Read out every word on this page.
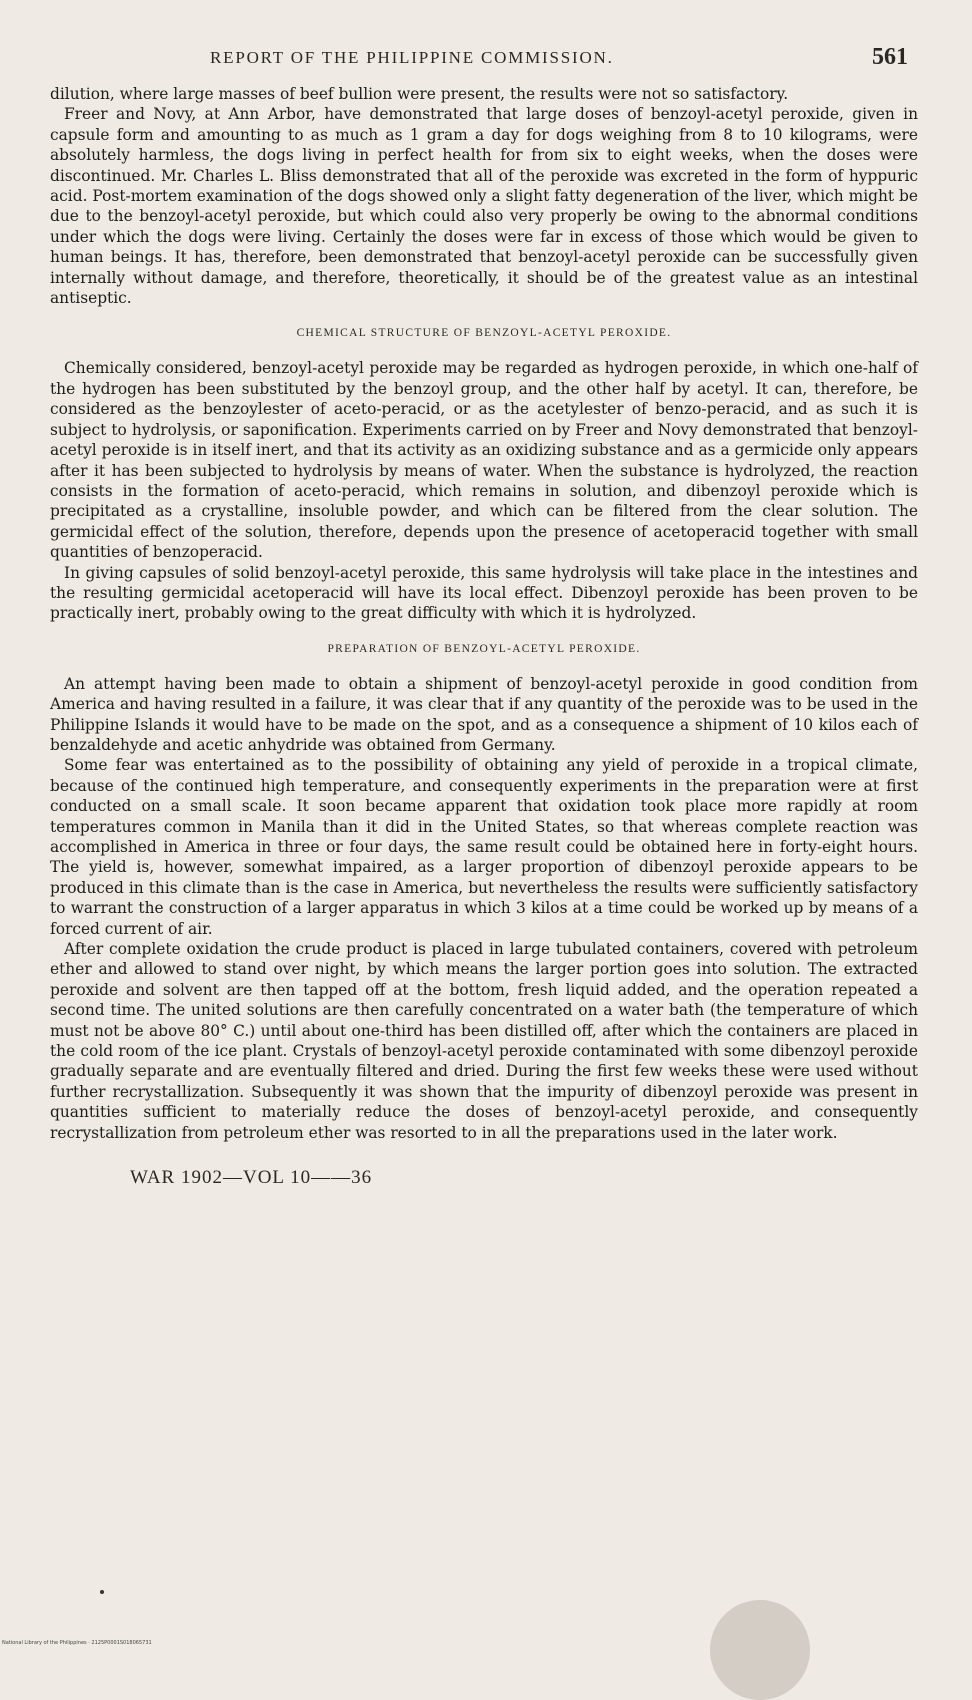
REPORT OF THE PHILIPPINE COMMISSION.	561

dilution, where large masses of beef bullion were present, the results were not so satisfactory.

Freer and Novy, at Ann Arbor, have demonstrated that large doses of benzoyl-acetyl peroxide, given in capsule form and amounting to as much as 1 gram a day for dogs weighing from 8 to 10 kilograms, were absolutely harmless, the dogs living in perfect health for from six to eight weeks, when the doses were discontinued. Mr. Charles L. Bliss demonstrated that all of the peroxide was excreted in the form of hyppuric acid. Post-mortem examination of the dogs showed only a slight fatty degeneration of the liver, which might be due to the benzoyl-acetyl peroxide, but which could also very properly be owing to the abnormal conditions under which the dogs were living. Certainly the doses were far in excess of those which would be given to human beings. It has, therefore, been demonstrated that benzoyl-acetyl peroxide can be successfully given internally without damage, and therefore, theoretically, it should be of the greatest value as an intestinal antiseptic.

CHEMICAL STRUCTURE OF BENZOYL-ACETYL PEROXIDE.

Chemically considered, benzoyl-acetyl peroxide may be regarded as hydrogen peroxide, in which one-half of the hydrogen has been substituted by the benzoyl group, and the other half by acetyl. It can, therefore, be considered as the benzoylester of aceto-peracid, or as the acetylester of benzo-peracid, and as such it is subject to hydrolysis, or saponification. Experiments carried on by Freer and Novy demonstrated that benzoyl-acetyl peroxide is in itself inert, and that its activity as an oxidizing substance and as a germicide only appears after it has been subjected to hydrolysis by means of water. When the substance is hydrolyzed, the reaction consists in the formation of aceto-peracid, which remains in solution, and dibenzoyl peroxide which is precipitated as a crystalline, insoluble powder, and which can be filtered from the clear solution. The germicidal effect of the solution, therefore, depends upon the presence of acetoperacid together with small quantities of benzoperacid.

In giving capsules of solid benzoyl-acetyl peroxide, this same hydrolysis will take place in the intestines and the resulting germicidal acetoperacid will have its local effect. Dibenzoyl peroxide has been proven to be practically inert, probably owing to the great difficulty with which it is hydrolyzed.

PREPARATION OF BENZOYL-ACETYL PEROXIDE.

An attempt having been made to obtain a shipment of benzoyl-acetyl peroxide in good condition from America and having resulted in a failure, it was clear that if any quantity of the peroxide was to be used in the Philippine Islands it would have to be made on the spot, and as a consequence a shipment of 10 kilos each of benzaldehyde and acetic anhydride was obtained from Germany.

Some fear was entertained as to the possibility of obtaining any yield of peroxide in a tropical climate, because of the continued high temperature, and consequently experiments in the preparation were at first conducted on a small scale. It soon became apparent that oxidation took place more rapidly at room temperatures common in Manila than it did in the United States, so that whereas complete reaction was accomplished in America in three or four days, the same result could be obtained here in forty-eight hours. The yield is, however, somewhat impaired, as a larger proportion of dibenzoyl peroxide appears to be produced in this climate than is the case in America, but nevertheless the results were sufficiently satisfactory to warrant the construction of a larger apparatus in which 3 kilos at a time could be worked up by means of a forced current of air.

After complete oxidation the crude product is placed in large tubulated containers, covered with petroleum ether and allowed to stand over night, by which means the larger portion goes into solution. The extracted peroxide and solvent are then tapped off at the bottom, fresh liquid added, and the operation repeated a second time. The united solutions are then carefully concentrated on a water bath (the temperature of which must not be above 80° C.) until about one-third has been distilled off, after which the containers are placed in the cold room of the ice plant. Crystals of benzoyl-acetyl peroxide contaminated with some dibenzoyl peroxide gradually separate and are eventually filtered and dried. During the first few weeks these were used without further recrystallization. Subsequently it was shown that the impurity of dibenzoyl peroxide was present in quantities sufficient to materially reduce the doses of benzoyl-acetyl peroxide, and consequently recrystallization from petroleum ether was resorted to in all the preparations used in the later work.

WAR 1902—VOL 10——36
National Library of the Philippines · 2125P0001S018065731
